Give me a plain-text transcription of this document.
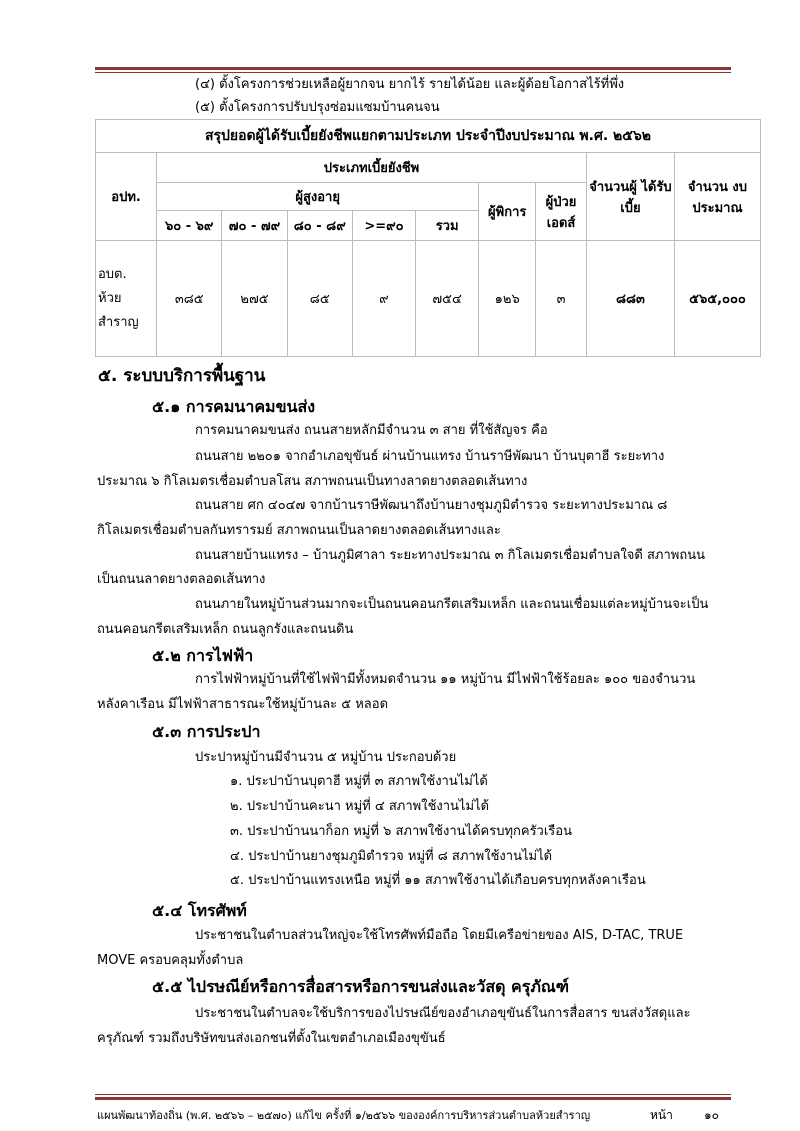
(๔) ตั้งโครงการช่วยเหลือผู้ยากจน ยากไร้ รายได้น้อย และผู้ด้อยโอกาสไร้ที่พึ่ง
(๕) ตั้งโครงการปรับปรุงซ่อมแซมบ้านคนจน
สรุปยอดผู้ได้รับเบี้ยยังชีพแยกตามประเภท ประจำปีงบประมาณ พ.ศ. ๒๕๖๒									
อปท.	ประเภทเบี้ยยังชีพ							จำนวนผู้ ได้รับเบี้ย	จำนวน งบประมาณ
	ผู้สูงอายุ					ผู้พิการ	ผู้ป่วย เอดส์		
	๖๐ - ๖๙	๗๐ - ๗๙	๘๐ - ๘๙	>=๙๐	รวม				
อบต. ห้วย สำราญ	๓๘๕	๒๗๕	๘๕	๙	๗๕๔	๑๒๖	๓	๘๘๓	๕๖๕,๐๐๐
๕. ระบบบริการพื้นฐาน
๕.๑ การคมนาคมขนส่ง
การคมนาคมขนส่ง ถนนสายหลักมีจำนวน ๓ สาย ที่ใช้สัญจร คือ
ถนนสาย ๒๒๐๑ จากอำเภอขุขันธ์ ผ่านบ้านแทรง บ้านราษีพัฒนา บ้านบุตาฮี ระยะทาง
ประมาณ ๖ กิโลเมตรเชื่อมตำบลโสน สภาพถนนเป็นทางลาดยางตลอดเส้นทาง
ถนนสาย ศก ๔๐๔๗ จากบ้านราษีพัฒนาถึงบ้านยางชุมภูมิตำรวจ ระยะทางประมาณ ๘
กิโลเมตรเชื่อมตำบลกันทรารมย์ สภาพถนนเป็นลาดยางตลอดเส้นทางและ
ถนนสายบ้านแทรง – บ้านภูมิศาลา ระยะทางประมาณ ๓ กิโลเมตรเชื่อมตำบลใจดี สภาพถนน
เป็นถนนลาดยางตลอดเส้นทาง
ถนนภายในหมู่บ้านส่วนมากจะเป็นถนนคอนกรีตเสริมเหล็ก และถนนเชื่อมแต่ละหมู่บ้านจะเป็น
ถนนคอนกรีตเสริมเหล็ก ถนนลูกรังและถนนดิน
๕.๒ การไฟฟ้า
การไฟฟ้าหมู่บ้านที่ใช้ไฟฟ้ามีทั้งหมดจำนวน ๑๑ หมู่บ้าน มีไฟฟ้าใช้ร้อยละ ๑๐๐ ของจำนวน
หลังคาเรือน มีไฟฟ้าสาธารณะใช้หมู่บ้านละ ๕ หลอด
๕.๓ การประปา
ประปาหมู่บ้านมีจำนวน ๕ หมู่บ้าน ประกอบด้วย
๑. ประปาบ้านบุตาฮี หมู่ที่ ๓ สภาพใช้งานไม่ได้
๒. ประปาบ้านคะนา หมู่ที่ ๔ สภาพใช้งานไม่ได้
๓. ประปาบ้านนาก็อก หมู่ที่ ๖ สภาพใช้งานได้ครบทุกครัวเรือน
๔. ประปาบ้านยางชุมภูมิตำรวจ หมู่ที่ ๘ สภาพใช้งานไม่ได้
๕. ประปาบ้านแทรงเหนือ หมู่ที่ ๑๑ สภาพใช้งานได้เกือบครบทุกหลังคาเรือน
๕.๔ โทรศัพท์
ประชาชนในตำบลส่วนใหญ่จะใช้โทรศัพท์มือถือ โดยมีเครือข่ายของ AIS, D-TAC, TRUE
MOVE ครอบคลุมทั้งตำบล
๕.๕ ไปรษณีย์หรือการสื่อสารหรือการขนส่งและวัสดุ ครุภัณฑ์
ประชาชนในตำบลจะใช้บริการของไปรษณีย์ของอำเภอขุขันธ์ในการสื่อสาร ขนส่งวัสดุและ
ครุภัณฑ์ รวมถึงบริษัทขนส่งเอกชนที่ตั้งในเขตอำเภอเมืองขุขันธ์
แผนพัฒนาท้องถิ่น (พ.ศ. ๒๕๖๖ – ๒๕๗๐) แก้ไข ครั้งที่ ๑/๒๕๖๖ ขององค์การบริหารส่วนตำบลห้วยสำราญ	หน้า	๑๐
